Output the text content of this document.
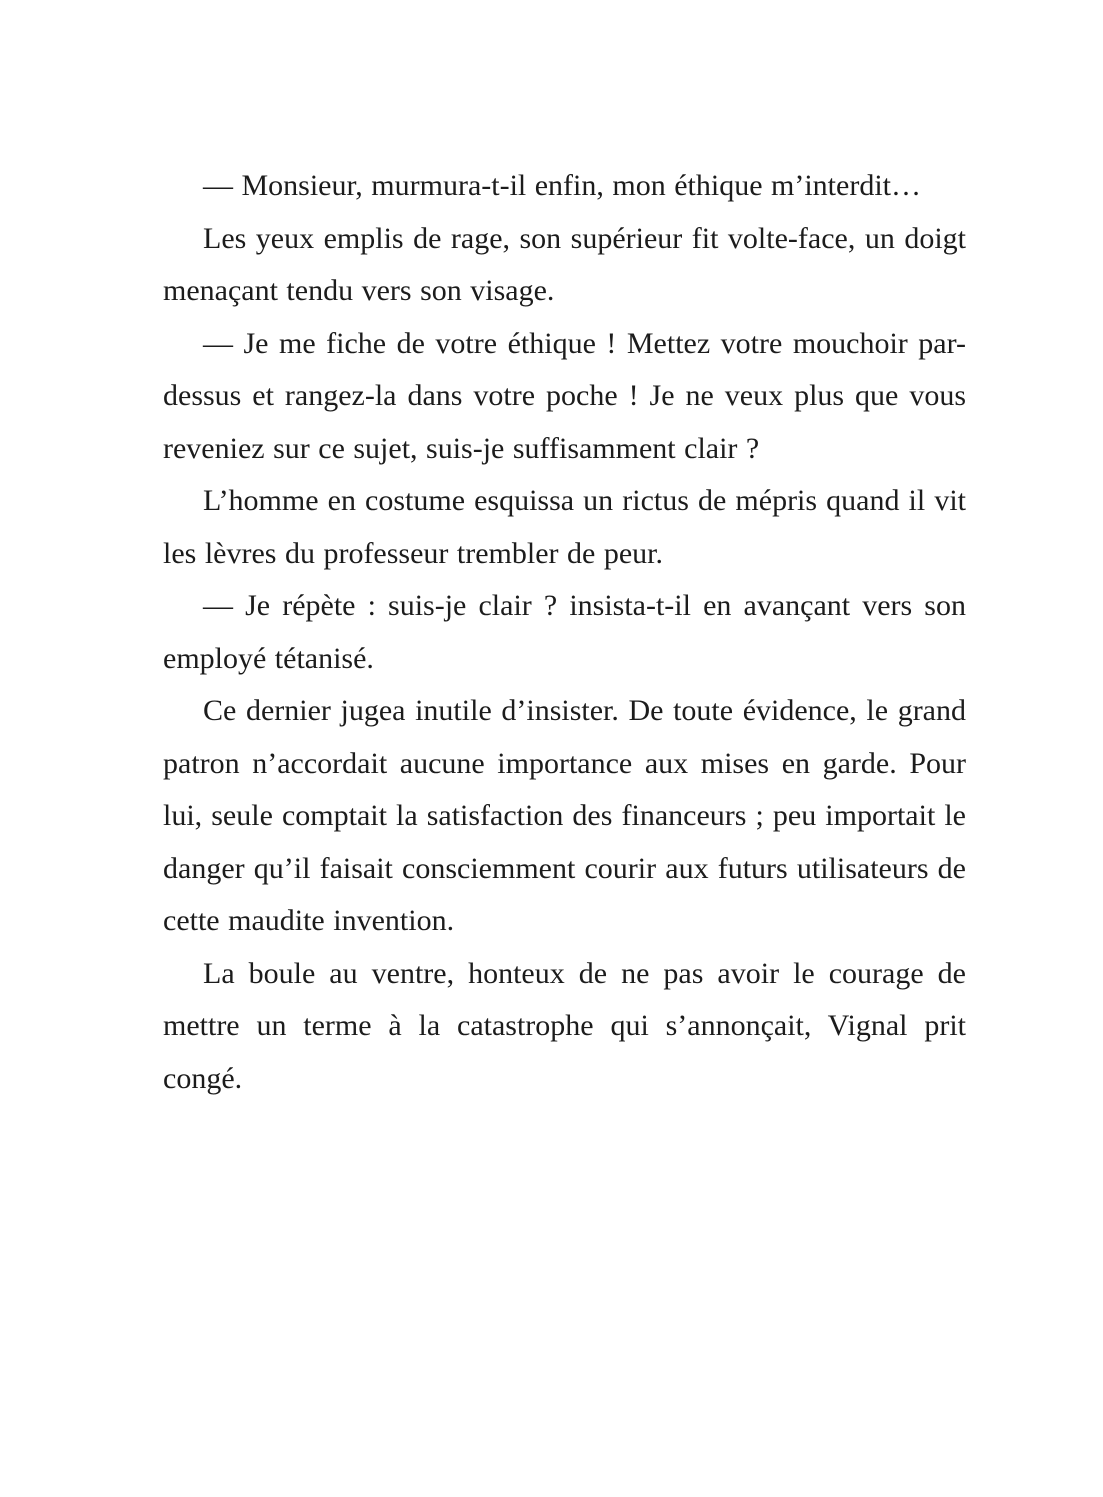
— Monsieur, murmura-t-il enfin, mon éthique m’interdit…

Les yeux emplis de rage, son supérieur fit volte-face, un doigt menaçant tendu vers son visage.

— Je me fiche de votre éthique ! Mettez votre mouchoir par-dessus et rangez-la dans votre poche ! Je ne veux plus que vous reveniez sur ce sujet, suis-je suffisamment clair ?

L’homme en costume esquissa un rictus de mépris quand il vit les lèvres du professeur trembler de peur.

— Je répète : suis-je clair ? insista-t-il en avançant vers son employé tétanisé.

Ce dernier jugea inutile d’insister. De toute évidence, le grand patron n’accordait aucune importance aux mises en garde. Pour lui, seule comptait la satisfaction des financeurs ; peu importait le danger qu’il faisait consciemment courir aux futurs utilisateurs de cette maudite invention.

La boule au ventre, honteux de ne pas avoir le courage de mettre un terme à la catastrophe qui s’annonçait, Vignal prit congé.
